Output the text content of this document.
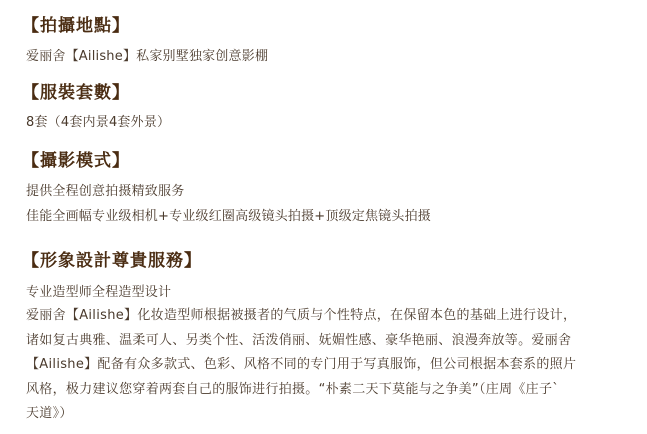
【拍攝地點】
爱丽舍【Ailishe】私家别墅独家创意影棚
【服裝套數】
8套（4套内景4套外景）
【攝影模式】
提供全程创意拍摄精致服务
佳能全画幅专业级相机+专业级红圈高级镜头拍摄+顶级定焦镜头拍摄
【形象設計尊貴服務】
专业造型师全程造型设计
爱丽舍【Ailishe】化妆造型师根据被摄者的气质与个性特点，在保留本色的基础上进行设计，
诸如复古典雅、温柔可人、另类个性、活泼俏丽、妩媚性感、豪华艳丽、浪漫奔放等。爱丽舍
【Ailishe】配备有众多款式、色彩、风格不同的专门用于写真服饰，但公司根据本套系的照片
风格，极力建议您穿着两套自己的服饰进行拍摄。“朴素二天下莫能与之争美”（庄周《庄子`
天道》）
